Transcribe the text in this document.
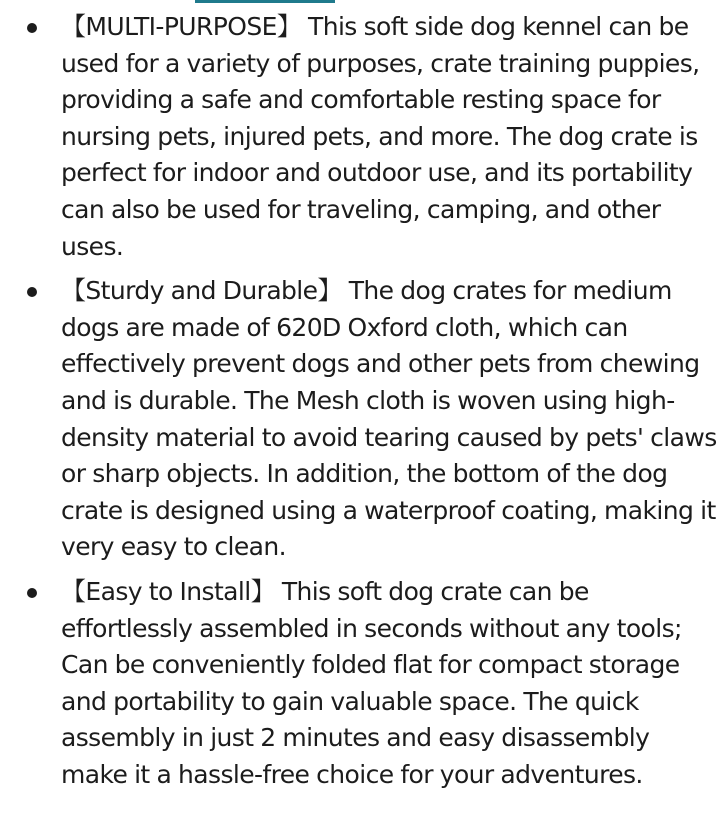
【MULTI-PURPOSE】 This soft side dog kennel can be used for a variety of purposes, crate training puppies, providing a safe and comfortable resting space for nursing pets, injured pets, and more. The dog crate is perfect for indoor and outdoor use, and its portability can also be used for traveling, camping, and other uses.
【Sturdy and Durable】 The dog crates for medium dogs are made of 620D Oxford cloth, which can effectively prevent dogs and other pets from chewing and is durable. The Mesh cloth is woven using high-density material to avoid tearing caused by pets' claws or sharp objects. In addition, the bottom of the dog crate is designed using a waterproof coating, making it very easy to clean.
【Easy to Install】 This soft dog crate can be effortlessly assembled in seconds without any tools; Can be conveniently folded flat for compact storage and portability to gain valuable space. The quick assembly in just 2 minutes and easy disassembly make it a hassle-free choice for your adventures.
